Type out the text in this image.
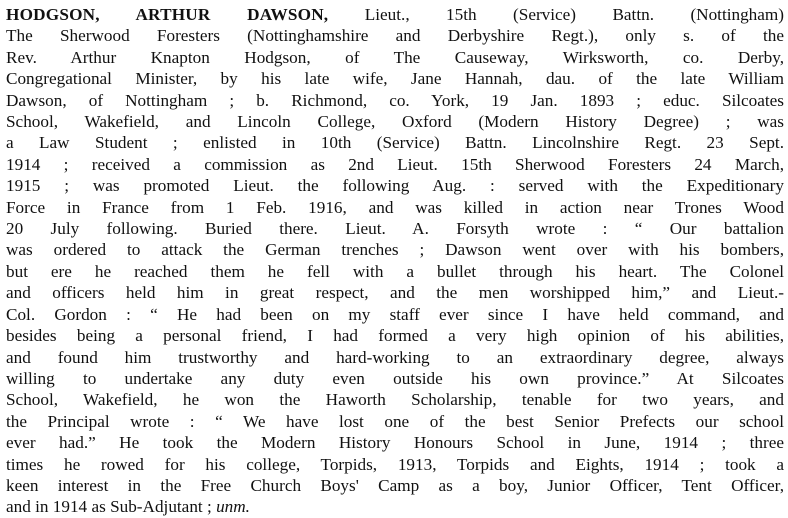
HODGSON, ARTHUR DAWSON, Lieut., 15th (Service) Battn. (Nottingham)
The Sherwood Foresters (Nottinghamshire and Derbyshire Regt.), only s. of the
Rev. Arthur Knapton Hodgson, of The Causeway, Wirksworth, co. Derby,
Congregational Minister, by his late wife, Jane Hannah, dau. of the late William
Dawson, of Nottingham ; b. Richmond, co. York, 19 Jan. 1893 ; educ. Silcoates
School, Wakefield, and Lincoln College, Oxford (Modern History Degree) ; was
a Law Student ; enlisted in 10th (Service) Battn. Lincolnshire Regt. 23 Sept.
1914 ; received a commission as 2nd Lieut. 15th Sherwood Foresters 24 March,
1915 ; was promoted Lieut. the following Aug. : served with the Expeditionary
Force in France from 1 Feb. 1916, and was killed in action near Trones Wood
20 July following. Buried there. Lieut. A. Forsyth wrote : “ Our battalion
was ordered to attack the German trenches ; Dawson went over with his bombers,
but ere he reached them he fell with a bullet through his heart. The Colonel
and officers held him in great respect, and the men worshipped him,” and Lieut.-
Col. Gordon : “ He had been on my staff ever since I have held command, and
besides being a personal friend, I had formed a very high opinion of his abilities,
and found him trustworthy and hard-working to an extraordinary degree, always
willing to undertake any duty even outside his own province.” At Silcoates
School, Wakefield, he won the Haworth Scholarship, tenable for two years, and
the Principal wrote : “ We have lost one of the best Senior Prefects our school
ever had.” He took the Modern History Honours School in June, 1914 ; three
times he rowed for his college, Torpids, 1913, Torpids and Eights, 1914 ; took a
keen interest in the Free Church Boys' Camp as a boy, Junior Officer, Tent Officer,
and in 1914 as Sub-Adjutant ; unm.
